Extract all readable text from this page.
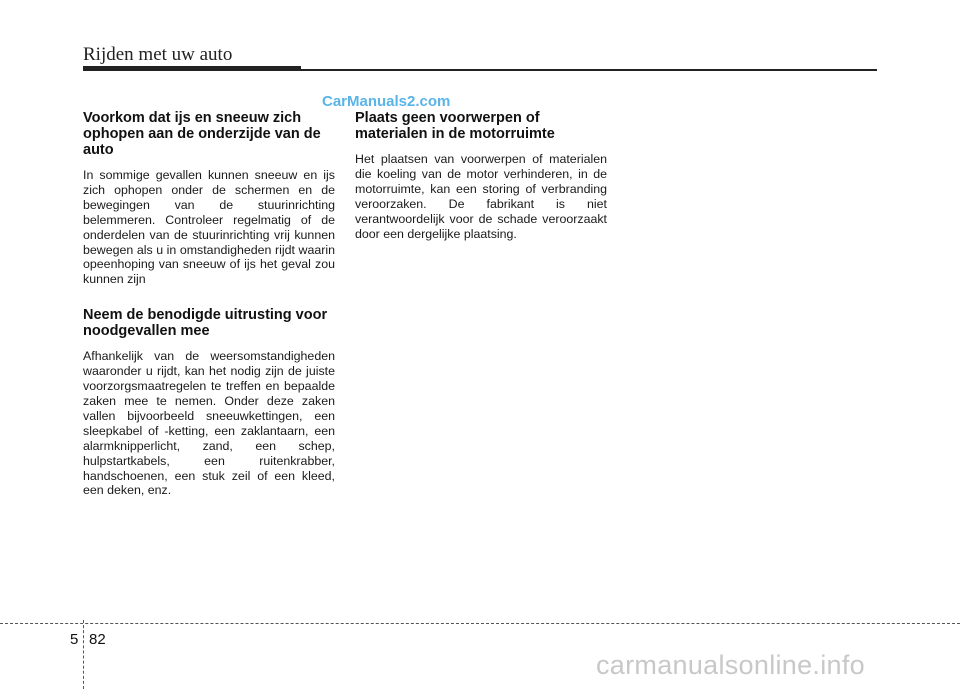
Rijden met uw auto
CarManuals2.com
Voorkom dat ijs en sneeuw zich ophopen aan de onderzijde van de auto

In sommige gevallen kunnen sneeuw en ijs zich ophopen onder de schermen en de bewegingen van de stuurinrichting belemmeren. Controleer regelmatig of de onderdelen van de stuurinrichting vrij kunnen bewegen als u in omstandigheden rijdt waarin opeenhoping van sneeuw of ijs het geval zou kunnen zijn

Neem de benodigde uitrusting voor noodgevallen mee

Afhankelijk van de weersomstandigheden waaronder u rijdt, kan het nodig zijn de juiste voorzorgsmaatregelen te treffen en bepaalde zaken mee te nemen. Onder deze zaken vallen bijvoorbeeld sneeuwkettingen, een sleepkabel of -ketting, een zaklantaarn, een alarmknipperlicht, zand, een schep, hulpstartkabels, een ruitenkrabber, handschoenen, een stuk zeil of een kleed, een deken, enz.

Plaats geen voorwerpen of materialen in de motorruimte

Het plaatsen van voorwerpen of materialen die koeling van de motor verhinderen, in de motorruimte, kan een storing of verbranding veroorzaken. De fabrikant is niet verantwoordelijk voor de schade veroorzaakt door een dergelijke plaatsing.

5 82
carmanualsonline.info
